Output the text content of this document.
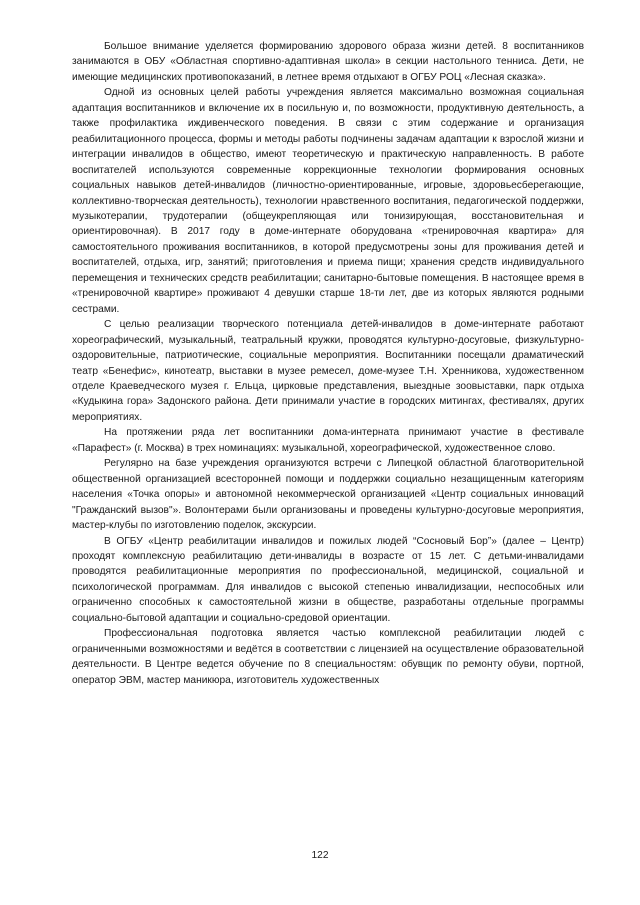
Большое внимание уделяется формированию здорового образа жизни детей. 8 воспитанников занимаются в ОБУ «Областная спортивно-адаптивная школа» в секции настольного тенниса. Дети, не имеющие медицинских противопоказаний, в летнее время отдыхают в ОГБУ РОЦ «Лесная сказка».

Одной из основных целей работы учреждения является максимально возможная социальная адаптация воспитанников и включение их в посильную и, по возможности, продуктивную деятельность, а также профилактика иждивенческого поведения. В связи с этим содержание и организация реабилитационного процесса, формы и методы работы подчинены задачам адаптации к взрослой жизни и интеграции инвалидов в общество, имеют теоретическую и практическую направленность. В работе воспитателей используются современные коррекционные технологии формирования основных социальных навыков детей-инвалидов (личностно-ориентированные, игровые, здоровьесберегающие, коллективно-творческая деятельность), технологии нравственного воспитания, педагогической поддержки, музыкотерапии, трудотерапии (общеукрепляющая или тонизирующая, восстановительная и ориентировочная). В 2017 году в доме-интернате оборудована «тренировочная квартира» для самостоятельного проживания воспитанников, в которой предусмотрены зоны для проживания детей и воспитателей, отдыха, игр, занятий; приготовления и приема пищи; хранения средств индивидуального перемещения и технических средств реабилитации; санитарно-бытовые помещения. В настоящее время в «тренировочной квартире» проживают 4 девушки старше 18-ти лет, две из которых являются родными сестрами.

С целью реализации творческого потенциала детей-инвалидов в доме-интернате работают хореографический, музыкальный, театральный кружки, проводятся культурно-досуговые, физкультурно-оздоровительные, патриотические, социальные мероприятия. Воспитанники посещали драматический театр «Бенефис», кинотеатр, выставки в музее ремесел, доме-музее Т.Н. Хренникова, художественном отделе Краеведческого музея г. Ельца, цирковые представления, выездные зоовыставки, парк отдыха «Кудыкина гора» Задонского района. Дети принимали участие в городских митингах, фестивалях, других мероприятиях.

На протяжении ряда лет воспитанники дома-интерната принимают участие в фестивале «Парафест» (г. Москва) в трех номинациях: музыкальной, хореографической, художественное слово.

Регулярно на базе учреждения организуются встречи с Липецкой областной благотворительной общественной организацией всесторонней помощи и поддержки социально незащищенным категориям населения «Точка опоры» и автономной некоммерческой организацией «Центр социальных инноваций "Гражданский вызов"». Волонтерами были организованы и проведены культурно-досуговые мероприятия, мастер-клубы по изготовлению поделок, экскурсии.

В ОГБУ «Центр реабилитации инвалидов и пожилых людей “Сосновый Бор”» (далее – Центр) проходят комплексную реабилитацию дети-инвалиды в возрасте от 15 лет. С детьми-инвалидами проводятся реабилитационные мероприятия по профессиональной, медицинской, социальной и психологической программам. Для инвалидов с высокой степенью инвалидизации, неспособных или ограниченно способных к самостоятельной жизни в обществе, разработаны отдельные программы социально-бытовой адаптации и социально-средовой ориентации.

Профессиональная подготовка является частью комплексной реабилитации людей с ограниченными возможностями и ведётся в соответствии с лицензией на осуществление образовательной деятельности. В Центре ведется обучение по 8 специальностям: обувщик по ремонту обуви, портной, оператор ЭВМ, мастер маникюра, изготовитель художественных

122
